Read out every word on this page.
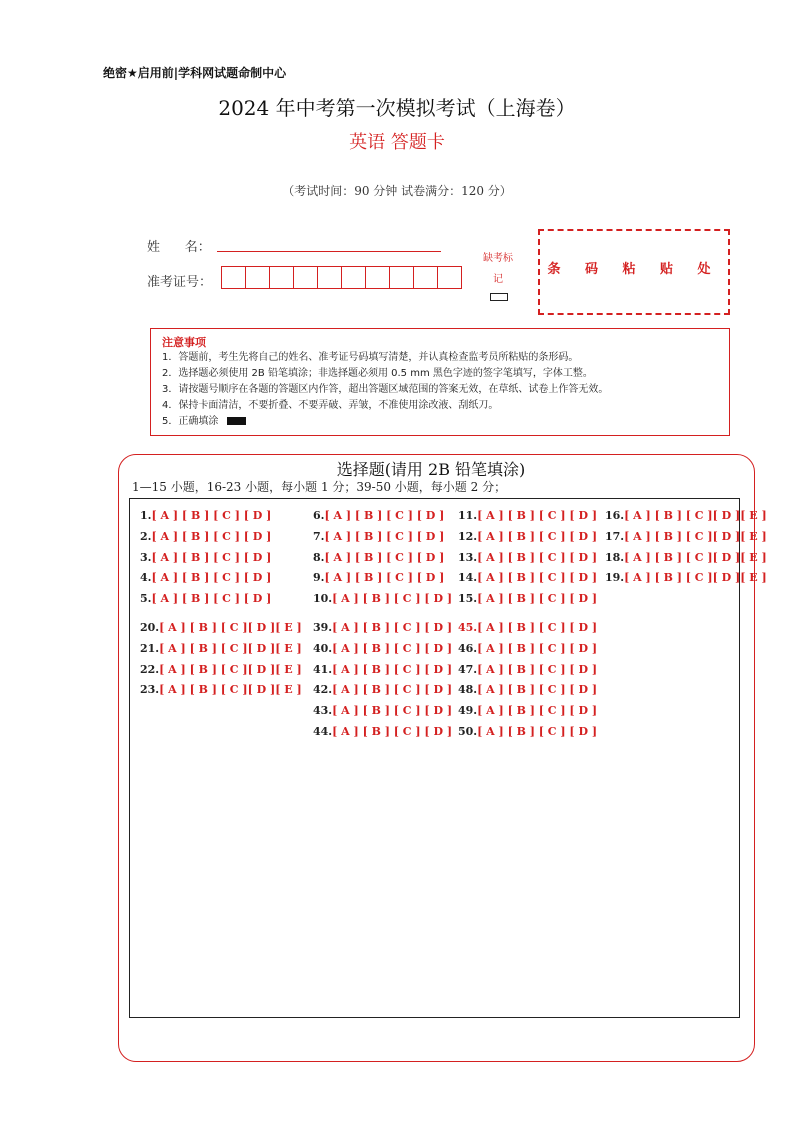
绝密★启用前|学科网试题命制中心
2024 年中考第一次模拟考试（上海卷）
英语 答题卡
（考试时间：90 分钟 试卷满分：120 分）
姓      名：
准考证号：
缺考标记
条 码 粘 贴 处
注意事项
1．答题前，考生先将自己的姓名、准考证号码填写清楚，并认真检查监考员所粘贴的条形码。
2．选择题必须使用 2B 铅笔填涂；非选择题必须用 0.5 mm 黑色字迹的签字笔填写，字体工整。
3．请按题号顺序在各题的答题区内作答，超出答题区域范围的答案无效，在草纸、试卷上作答无效。
4．保持卡面清洁，不要折叠、不要弄破、弄皱，不准使用涂改液、刮纸刀。
5．正确填涂
选择题(请用 2B 铅笔填涂)
1—15 小题，16-23 小题，每小题 1 分；39-50 小题，每小题 2 分；
1.[ A ] [ B ] [ C ] [ D ]
2.[ A ] [ B ] [ C ] [ D ]
3.[ A ] [ B ] [ C ] [ D ]
4.[ A ] [ B ] [ C ] [ D ]
5.[ A ] [ B ] [ C ] [ D ]
20.[ A ] [ B ] [ C ][ D ][ E ]
21.[ A ] [ B ] [ C ][ D ][ E ]
22.[ A ] [ B ] [ C ][ D ][ E ]
23.[ A ] [ B ] [ C ][ D ][ E ]
6.[ A ] [ B ] [ C ] [ D ]
7.[ A ] [ B ] [ C ] [ D ]
8.[ A ] [ B ] [ C ] [ D ]
9.[ A ] [ B ] [ C ] [ D ]
10.[ A ] [ B ] [ C ] [ D ]
39.[ A ] [ B ] [ C ] [ D ]
40.[ A ] [ B ] [ C ] [ D ]
41.[ A ] [ B ] [ C ] [ D ]
42.[ A ] [ B ] [ C ] [ D ]
43.[ A ] [ B ] [ C ] [ D ]
44.[ A ] [ B ] [ C ] [ D ]
11.[ A ] [ B ] [ C ] [ D ]
12.[ A ] [ B ] [ C ] [ D ]
13.[ A ] [ B ] [ C ] [ D ]
14.[ A ] [ B ] [ C ] [ D ]
15.[ A ] [ B ] [ C ] [ D ]
45.[ A ] [ B ] [ C ] [ D ]
46.[ A ] [ B ] [ C ] [ D ]
47.[ A ] [ B ] [ C ] [ D ]
48.[ A ] [ B ] [ C ] [ D ]
49.[ A ] [ B ] [ C ] [ D ]
50.[ A ] [ B ] [ C ] [ D ]
16.[ A ] [ B ] [ C ][ D ][ E ]
17.[ A ] [ B ] [ C ][ D ][ E ]
18.[ A ] [ B ] [ C ][ D ][ E ]
19.[ A ] [ B ] [ C ][ D ][ E ]
